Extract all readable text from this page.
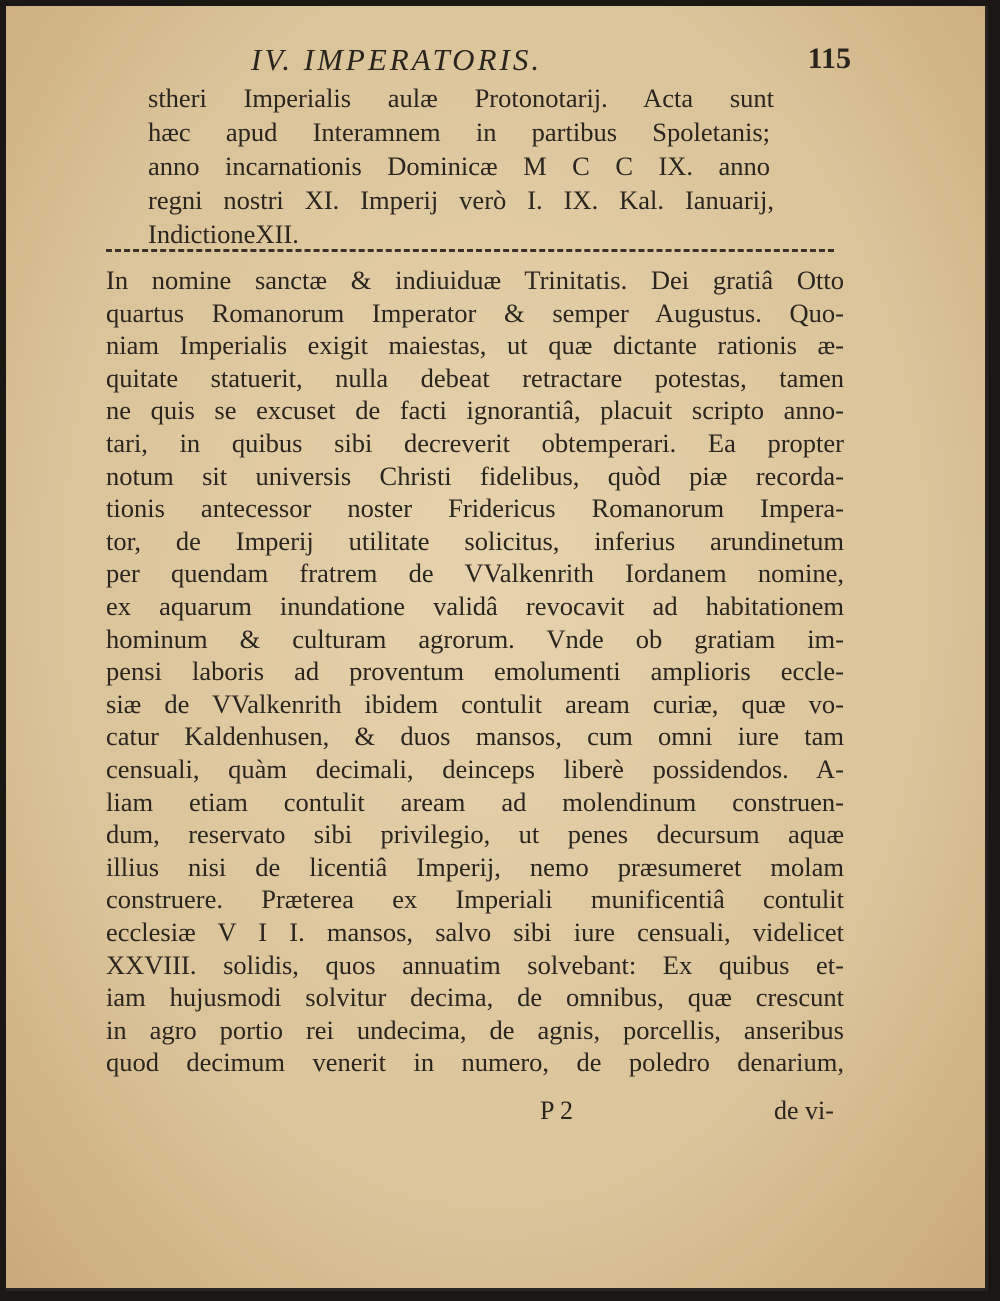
IV. IMPERATORIS.	115
stheri Imperialis aulæ Protonotarij. Acta sunt
hæc apud Interamnem in partibus Spoletanis;
anno incarnationis Dominicæ M C C IX. anno
regni nostri XI. Imperij verò I. IX. Kal. Ianuarij,
IndictioneXII.
In nomine sanctæ & indiuiduæ Trinitatis. Dei gratiâ Otto
quartus Romanorum Imperator & semper Augustus. Quo-
niam Imperialis exigit maiestas, ut quæ dictante rationis æ-
quitate statuerit, nulla debeat retractare potestas, tamen
ne quis se excuset de facti ignorantiâ, placuit scripto anno-
tari, in quibus sibi decreverit obtemperari. Ea propter
notum sit universis Christi fidelibus, quòd piæ recorda-
tionis antecessor noster Fridericus Romanorum Impera-
tor, de Imperij utilitate solicitus, inferius arundinetum
per quendam fratrem de VValkenrith Iordanem nomine,
ex aquarum inundatione validâ revocavit ad habitationem
hominum & culturam agrorum. Vnde ob gratiam im-
pensi laboris ad proventum emolumenti amplioris eccle-
siæ de VValkenrith ibidem contulit aream curiæ, quæ vo-
catur Kaldenhusen, & duos mansos, cum omni iure tam
censuali, quàm decimali, deinceps liberè possidendos. A-
liam etiam contulit aream ad molendinum construen-
dum, reservato sibi privilegio, ut penes decursum aquæ
illius nisi de licentiâ Imperij, nemo præsumeret molam
construere. Præterea ex Imperiali munificentiâ contulit
ecclesiæ V I I. mansos, salvo sibi iure censuali, videlicet
XXVIII. solidis, quos annuatim solvebant: Ex quibus et-
iam hujusmodi solvitur decima, de omnibus, quæ crescunt
in agro portio rei undecima, de agnis, porcellis, anseribus
quod decimum venerit in numero, de poledro denarium,
P 2	de vi-
